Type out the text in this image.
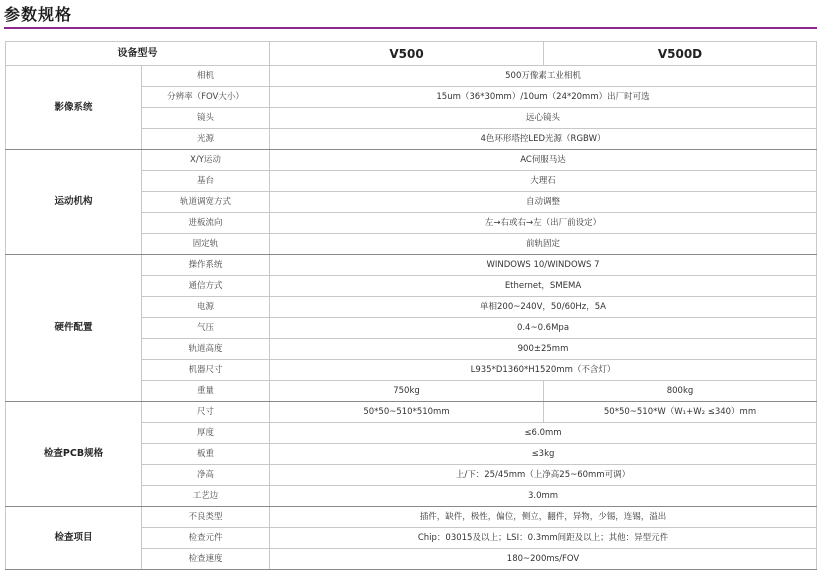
参数规格
设备型号		V500	V500D
影像系统	相机	500万像素工业相机	
	分辨率（FOV大小）	15um（36*30mm）/10um（24*20mm）出厂时可选	
	镜头	远心镜头	
	光源	4色环形塔控LED光源（RGBW）	
运动机构	X/Y运动	AC伺服马达	
	基台	大理石	
	轨道调宽方式	自动调整	
	进板流向	左→右或右→左（出厂前设定）	
	固定轨	前轨固定	
硬件配置	操作系统	WINDOWS 10/WINDOWS 7	
	通信方式	Ethernet，SMEMA	
	电源	单相200~240V，50/60Hz，5A	
	气压	0.4~0.6Mpa	
	轨道高度	900±25mm	
	机器尺寸	L935*D1360*H1520mm（不含灯）	
	重量	750kg	800kg
检查PCB规格	尺寸	50*50~510*510mm	50*50~510*W（W₁+W₂ ≤340）mm
	厚度	≤6.0mm	
	板重	≤3kg	
	净高	上/下：25/45mm（上净高25~60mm可调）	
	工艺边	3.0mm	
检查项目	不良类型	插件，缺件，极性，偏位，侧立，翻件，异物，少锡，连锡，溢出	
	检查元件	Chip：03015及以上；LSI：0.3mm间距及以上；其他：异型元件	
	检查速度	180~200ms/FOV	
